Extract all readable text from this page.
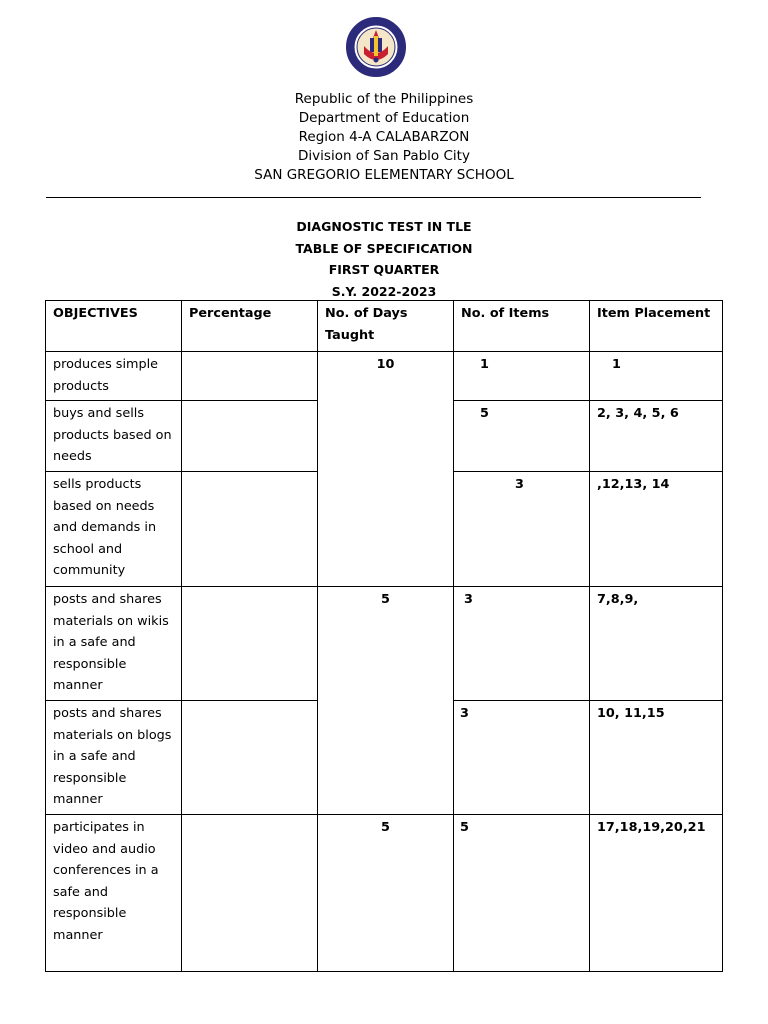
Republic of the Philippines
Department of Education
Region 4-A CALABARZON
Division of San Pablo City
SAN GREGORIO ELEMENTARY SCHOOL
DIAGNOSTIC TEST IN TLE
TABLE OF SPECIFICATION
FIRST QUARTER
S.Y. 2022-2023
OBJECTIVES	Percentage	No. of Days Taught	No. of Items	Item Placement
produces simple products		10	1	1
buys and sells products based on needs			5	2, 3, 4, 5, 6
sells products based on needs and demands in school and community			3	,12,13, 14
posts and shares materials on wikis in a safe and responsible manner		5	3	7,8,9,
posts and shares materials on blogs in a safe and responsible manner			3	10, 11,15
participates in video and audio conferences in a safe and responsible manner		5	5	17,18,19,20,21
